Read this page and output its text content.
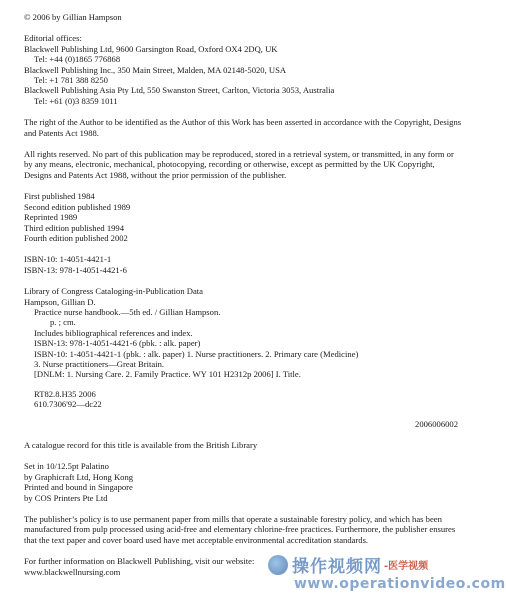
© 2006 by Gillian Hampson
Editorial offices:
Blackwell Publishing Ltd, 9600 Garsington Road, Oxford OX4 2DQ, UK
Tel: +44 (0)1865 776868
Blackwell Publishing Inc., 350 Main Street, Malden, MA 02148-5020, USA
Tel: +1 781 388 8250
Blackwell Publishing Asia Pty Ltd, 550 Swanston Street, Carlton, Victoria 3053, Australia
Tel: +61 (0)3 8359 1011
The right of the Author to be identified as the Author of this Work has been asserted in accordance with the Copyright, Designs and Patents Act 1988.
All rights reserved. No part of this publication may be reproduced, stored in a retrieval system, or transmitted, in any form or by any means, electronic, mechanical, photocopying, recording or otherwise, except as permitted by the UK Copyright, Designs and Patents Act 1988, without the prior permission of the publisher.
First published 1984
Second edition published 1989
Reprinted 1989
Third edition published 1994
Fourth edition published 2002
ISBN-10: 1-4051-4421-1
ISBN-13: 978-1-4051-4421-6
Library of Congress Cataloging-in-Publication Data
Hampson, Gillian D.
Practice nurse handbook.—5th ed. / Gillian Hampson.
p. ; cm.
Includes bibliographical references and index.
ISBN-13: 978-1-4051-4421-6 (pbk. : alk. paper)
ISBN-10: 1-4051-4421-1 (pbk. : alk. paper) 1. Nurse practitioners. 2. Primary care (Medicine)
3. Nurse practitioners—Great Britain.
[DNLM: 1. Nursing Care. 2. Family Practice. WY 101 H2312p 2006] I. Title.
RT82.8.H35 2006
610.7306'92—dc22
2006006002
A catalogue record for this title is available from the British Library
Set in 10/12.5pt Palatino
by Graphicraft Ltd, Hong Kong
Printed and bound in Singapore
by COS Printers Pte Ltd
The publisher’s policy is to use permanent paper from mills that operate a sustainable forestry policy, and which has been manufactured from pulp processed using acid-free and elementary chlorine-free practices. Furthermore, the publisher ensures that the text paper and cover board used have met acceptable environmental accreditation standards.
For further information on Blackwell Publishing, visit our website:
www.blackwellnursing.com	操作视频网 -医学视频
www.operationvideo.com
